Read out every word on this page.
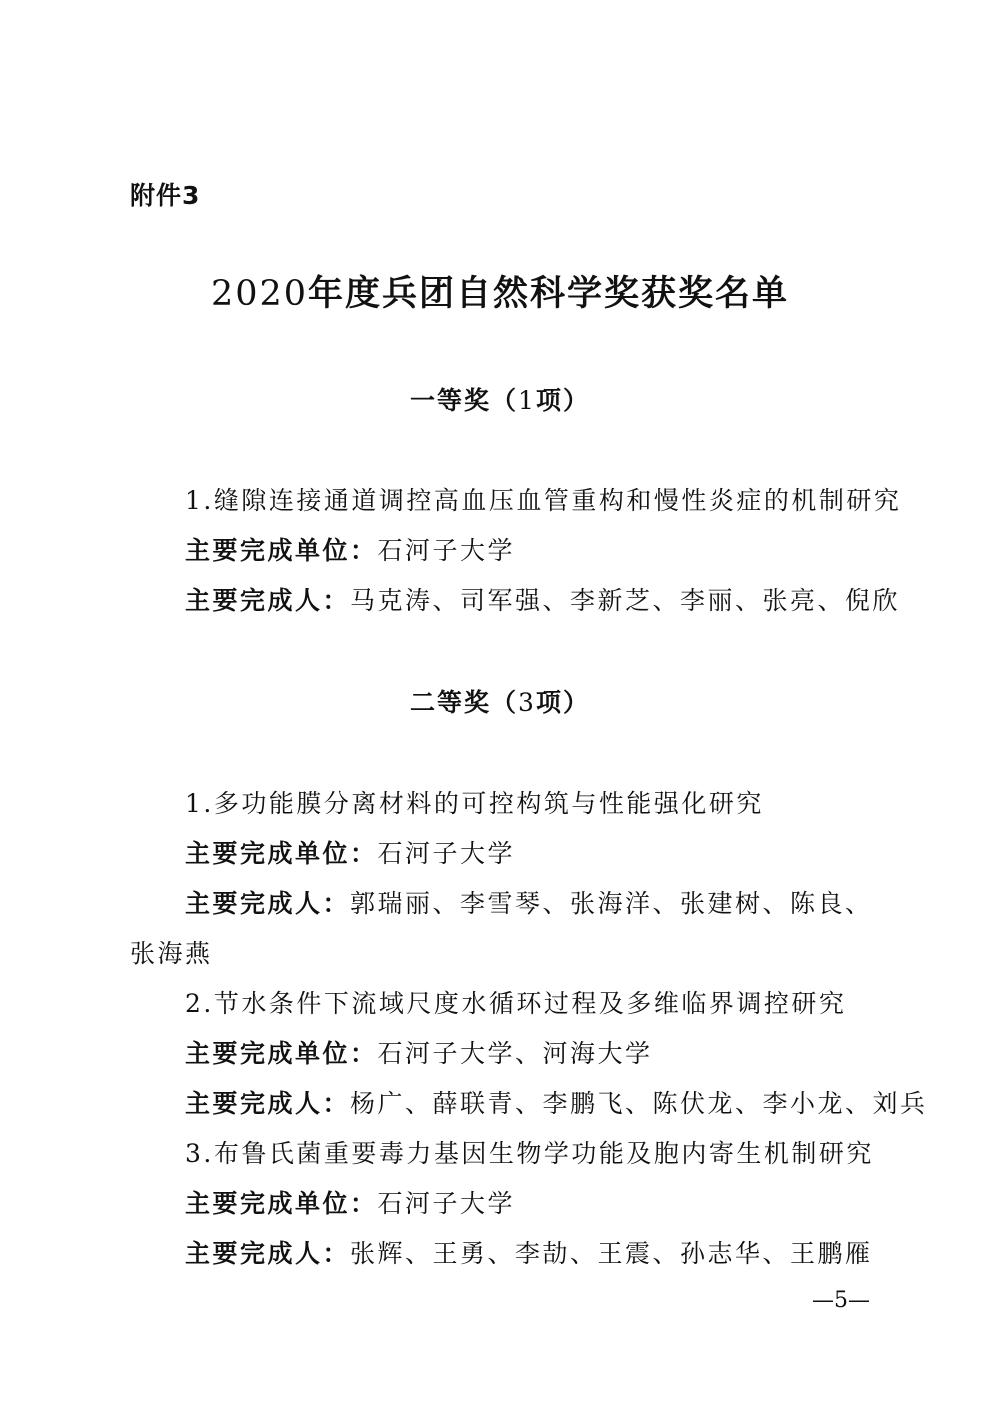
附件3
2020年度兵团自然科学奖获奖名单
一等奖（1项）
1.缝隙连接通道调控高血压血管重构和慢性炎症的机制研究
主要完成单位：石河子大学
主要完成人：马克涛、司军强、李新芝、李丽、张亮、倪欣
二等奖（3项）
1.多功能膜分离材料的可控构筑与性能强化研究
主要完成单位：石河子大学
主要完成人：郭瑞丽、李雪琴、张海洋、张建树、陈良、
张海燕
2.节水条件下流域尺度水循环过程及多维临界调控研究
主要完成单位：石河子大学、河海大学
主要完成人：杨广、薛联青、李鹏飞、陈伏龙、李小龙、刘兵
3.布鲁氏菌重要毒力基因生物学功能及胞内寄生机制研究
主要完成单位：石河子大学
主要完成人：张辉、王勇、李劼、王震、孙志华、王鹏雁
—5—
